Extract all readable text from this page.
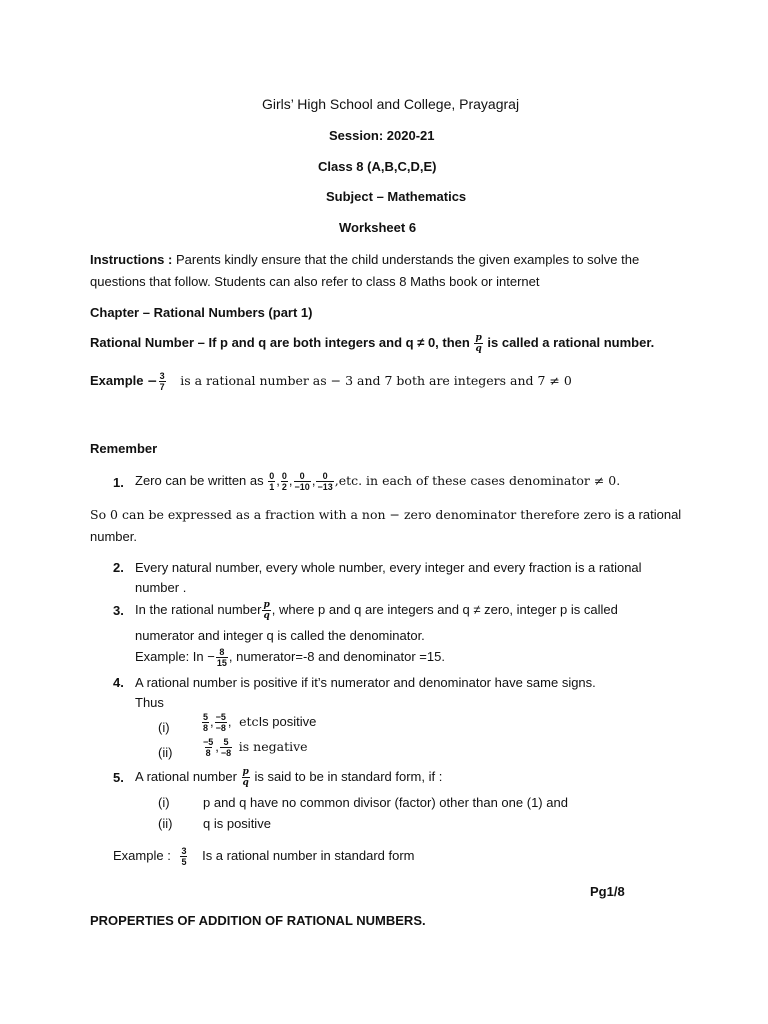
Girls’ High School and College, Prayagraj
Session: 2020-21
Class 8 (A,B,C,D,E)
Subject – Mathematics
Worksheet 6
Instructions : Parents kindly ensure that the child understands the given examples to solve the
questions that follow. Students can also refer to class 8 Maths book or internet
Chapter – Rational Numbers (part 1)
Rational Number – If p and q are both integers and q ≠ 0, then $\frac{p}{q}$ is called a rational number.
Example − $\frac{3}{7}$ is a rational number as − 3 and 7 both are integers and 7 ≠ 0
Remember
1. Zero can be written as $\frac{0}{1}$ , $\frac{0}{2}$ , $\frac{0}{-10}$ , $\frac{0}{-13} ,etc$. in each of these cases denominator ≠ 0.
So 0 can be expressed as a fraction with a non − zero denominator therefore zero is a rational
number.
2. Every natural number, every whole number, every integer and every fraction is a rational
number .
3. In the rational number $\frac{p}{q}$ , where p and q are integers and q ≠ zero, integer p is called
numerator and integer q is called the denominator.
Example: $In - \frac{8}{15}$ , numerator=-8 and denominator =15.
4. A rational number is positive if it’s numerator and denominator have same signs.
Thus
(i)	$\frac{5}{8}$ , $\frac{-5}{-8}$ , etcIs positive
(ii)	$\frac{-5}{8}$ , $\frac{5}{-8}$ is negative
5. A rational number $\frac{p}{q}$ is said to be in standard form, if :
(i)	p and q have no common divisor (factor) other than one (1) and
(ii) q is positive
Example : $\frac{3}{5}$ Is a rational number in standard form
Pg1/8
PROPERTIES OF ADDITION OF RATIONAL NUMBERS.
